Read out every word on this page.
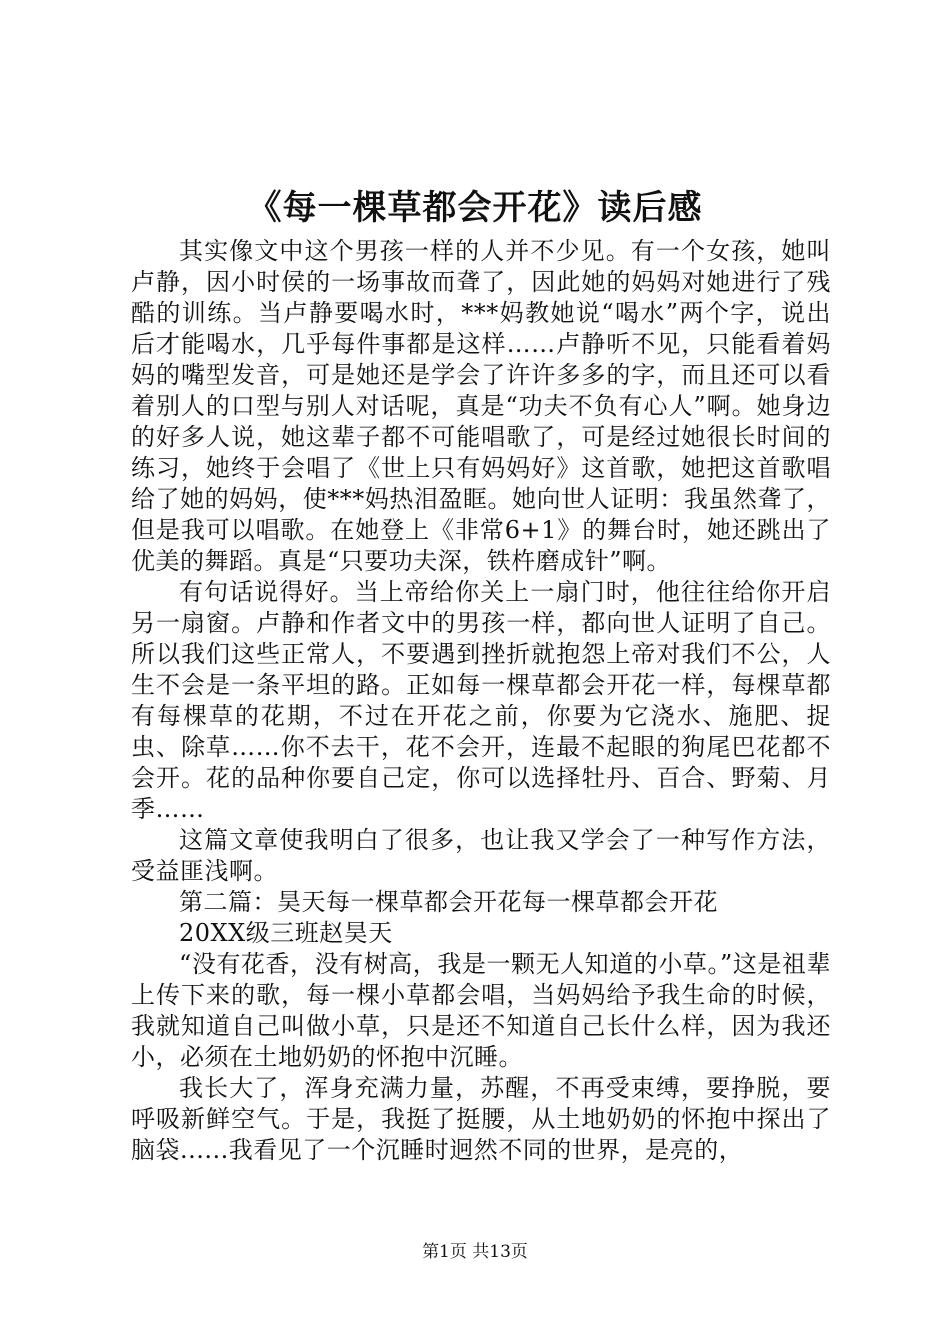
《每一棵草都会开花》读后感

其实像文中这个男孩一样的人并不少见。有一个女孩，她叫卢静，因小时侯的一场事故而聋了，因此她的妈妈对她进行了残酷的训练。当卢静要喝水时，***妈教她说“喝水”两个字，说出后才能喝水，几乎每件事都是这样……卢静听不见，只能看着妈妈的嘴型发音，可是她还是学会了许许多多的字，而且还可以看着别人的口型与别人对话呢，真是“功夫不负有心人”啊。她身边的好多人说，她这辈子都不可能唱歌了，可是经过她很长时间的练习，她终于会唱了《世上只有妈妈好》这首歌，她把这首歌唱给了她的妈妈，使***妈热泪盈眶。她向世人证明：我虽然聋了，但是我可以唱歌。在她登上《非常6+1》的舞台时，她还跳出了优美的舞蹈。真是“只要功夫深，铁杵磨成针”啊。

有句话说得好。当上帝给你关上一扇门时，他往往给你开启另一扇窗。卢静和作者文中的男孩一样，都向世人证明了自己。所以我们这些正常人，不要遇到挫折就抱怨上帝对我们不公，人生不会是一条平坦的路。正如每一棵草都会开花一样，每棵草都有每棵草的花期，不过在开花之前，你要为它浇水、施肥、捉虫、除草……你不去干，花不会开，连最不起眼的狗尾巴花都不会开。花的品种你要自己定，你可以选择牡丹、百合、野菊、月季……

这篇文章使我明白了很多，也让我又学会了一种写作方法，受益匪浅啊。

第二篇：昊天每一棵草都会开花每一棵草都会开花

20XX级三班赵昊天

“没有花香，没有树高，我是一颗无人知道的小草。”这是祖辈上传下来的歌，每一棵小草都会唱，当妈妈给予我生命的时候，我就知道自己叫做小草，只是还不知道自己长什么样，因为我还小，必须在土地奶奶的怀抱中沉睡。

我长大了，浑身充满力量，苏醒，不再受束缚，要挣脱，要呼吸新鲜空气。于是，我挺了挺腰，从土地奶奶的怀抱中探出了脑袋......我看见了一个沉睡时迥然不同的世界，是亮的，

第1页 共13页
